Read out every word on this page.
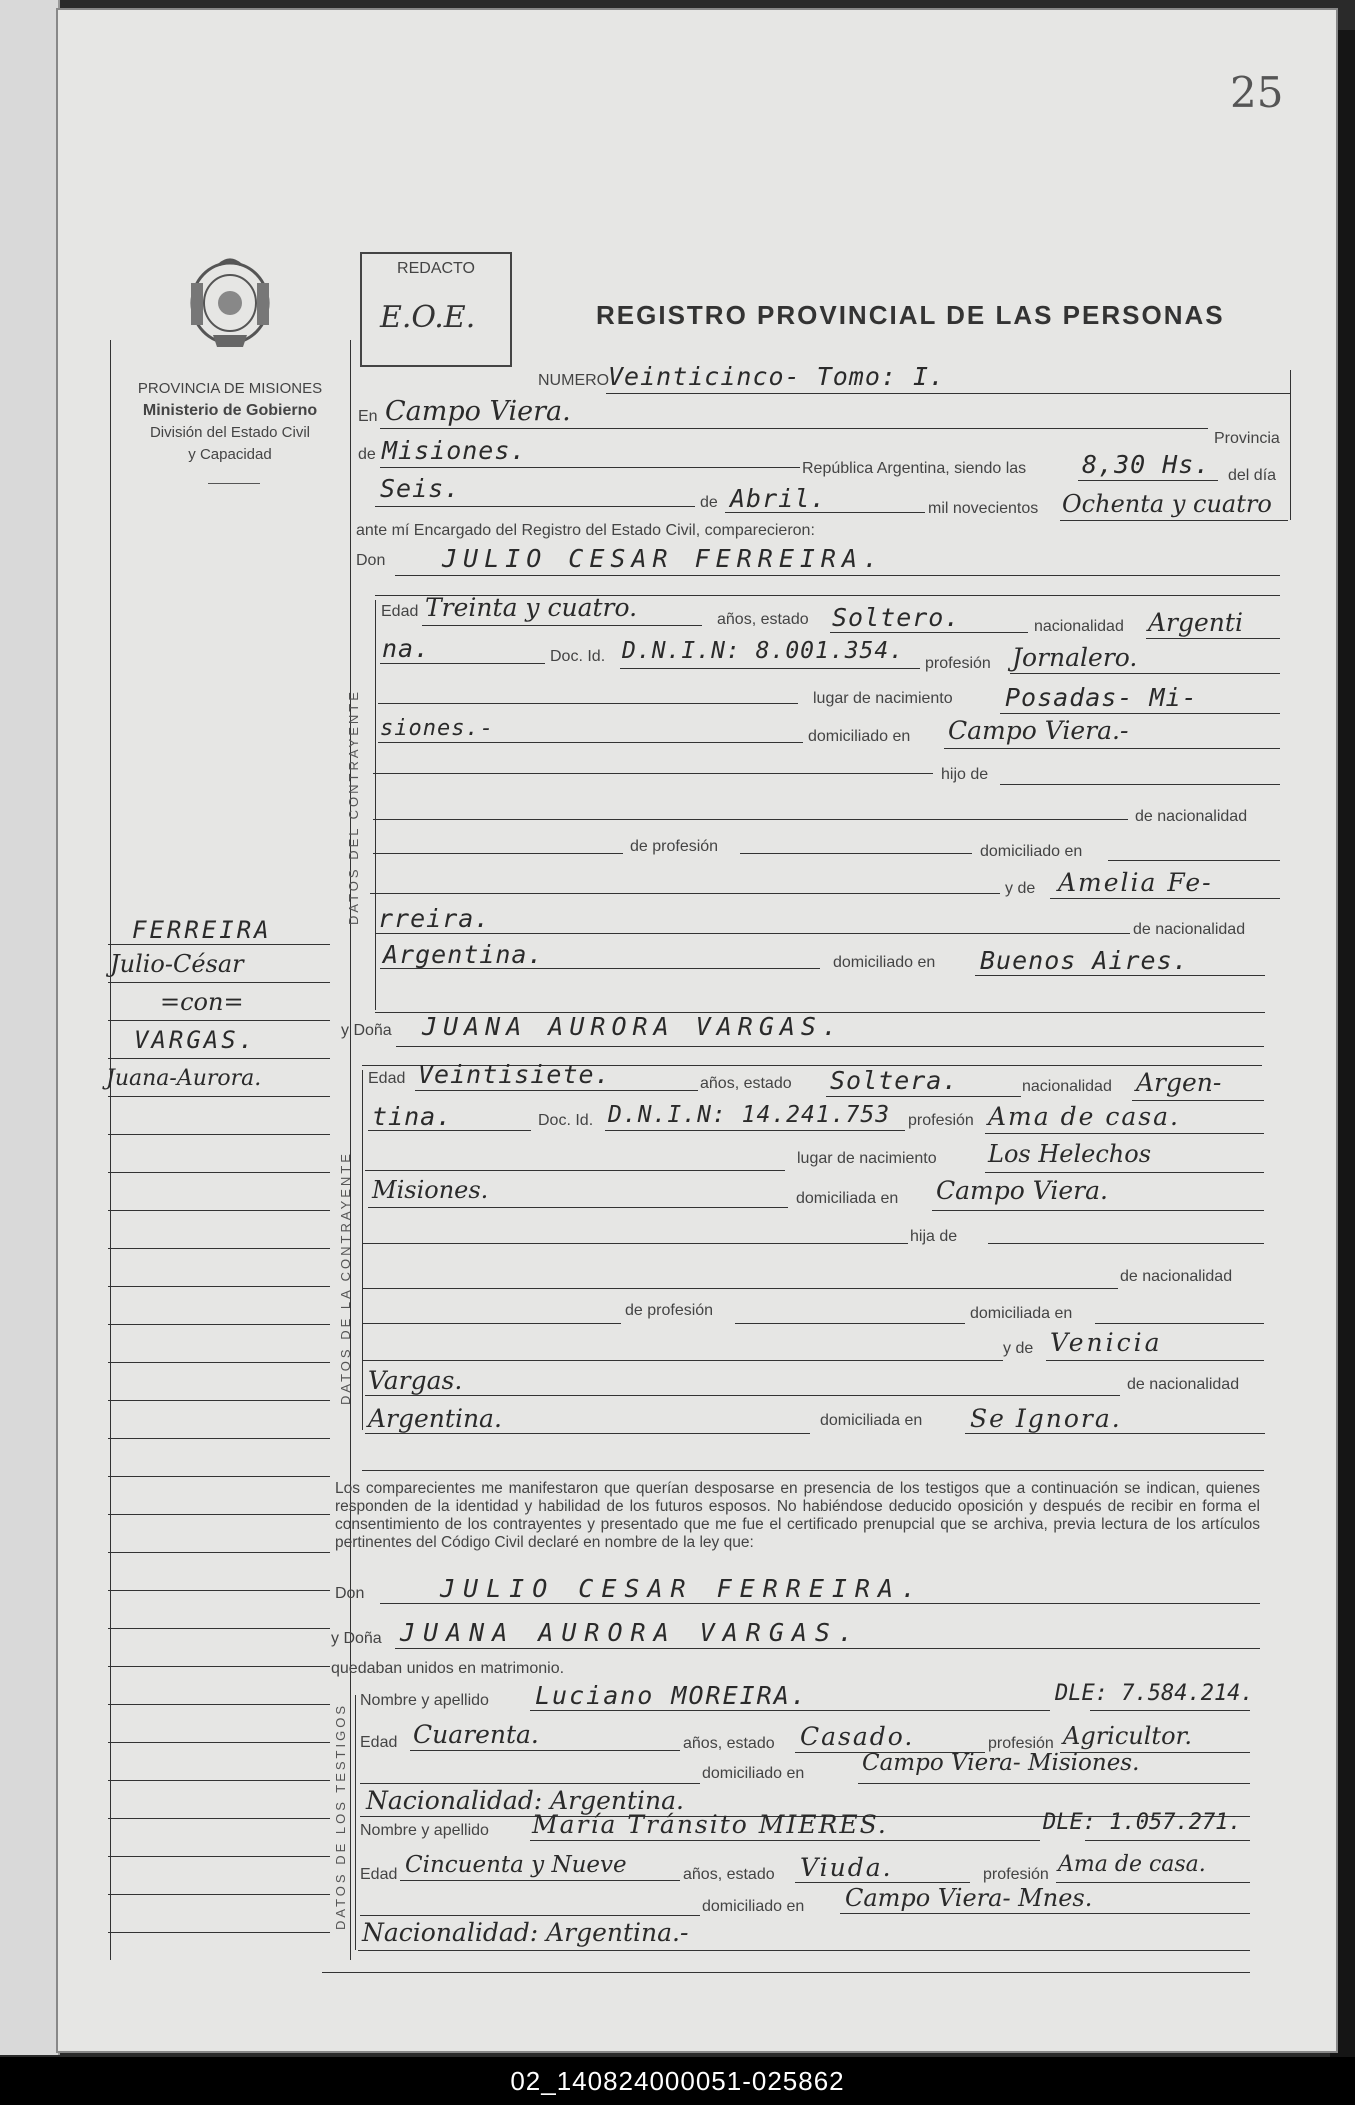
25
PROVINCIA DE MISIONES
Ministerio de Gobierno
División del Estado Civil
y Capacidad
REDACTO
E.O.E.	REGISTRO PROVINCIAL DE LAS PERSONAS
NUMERO
Veinticinco- Tomo: I.
En Campo Viera.
Provincia
de Misiones.
República Argentina, siendo las 8,30 Hs. del día
Seis.	de Abril.	mil novecientos Ochenta y cuatro
ante mí Encargado del Registro del Estado Civil, comparecieron:
Don JULIO CESAR FERREIRA.
DATOS DEL CONTRAYENTE
Edad Treinta y cuatro.	años, estado Soltero.	nacionalidad Argenti
na.	Doc. Id. D.N.I.N: 8.001.354. profesión Jornalero.
lugar de nacimiento Posadas- Mi-
siones.-	domiciliado en Campo Viera.-
hijo de
de nacionalidad
de profesión	domiciliado en
y de Amelia Fe-
rreira.	de nacionalidad
Argentina.	domiciliado en Buenos Aires.
y Doña JUANA AURORA VARGAS.
DATOS DE LA CONTRAYENTE
Edad Veintisiete.	años, estado Soltera.	nacionalidad Argen-
tina.	Doc. Id. D.N.I.N: 14.241.753 profesión Ama de casa.
lugar de nacimiento Los Helechos
Misiones.	domiciliada en Campo Viera.
hija de
de nacionalidad
de profesión	domiciliada en
y de Venicia
Vargas.	de nacionalidad
Argentina.	domiciliada en Se Ignora.
Los comparecientes me manifestaron que querían desposarse en presencia de los testigos que a continuación se indican, quienes responden de la identidad y habilidad de los futuros esposos. No habiéndose deducido oposición y después de recibir en forma el consentimiento de los contrayentes y presentado que me fue el certificado prenupcial que se archiva, previa lectura de los artículos pertinentes del Código Civil declaré en nombre de la ley que:
Don	JULIO CESAR FERREIRA.
y Doña JUANA AURORA VARGAS.
quedaban unidos en matrimonio.
DATOS DE LOS TESTIGOS
Nombre y apellido Luciano MOREIRA.	DLE: 7.584.214.
Edad Cuarenta.	años, estado Casado.	profesión Agricultor.
domiciliado en	Campo Viera- Misiones.
Nacionalidad: Argentina.
Nombre y apellido María Tránsito MIERES.	DLE: 1.057.271.
Edad Cincuenta y Nueve	años, estado Viuda.	profesión Ama de casa.
domiciliado en Campo Viera- Mnes.
Nacionalidad: Argentina.-
FERREIRA
Julio-César
=con=
VARGAS.
Juana-Aurora.
02_140824000051-025862
